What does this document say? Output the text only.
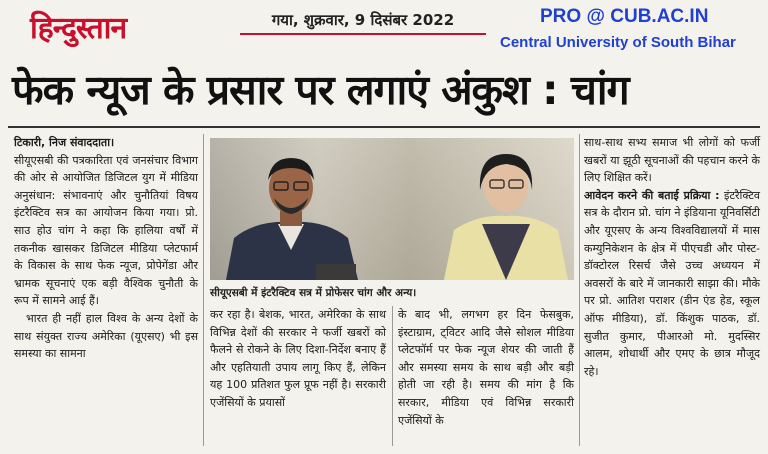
हिन्दुस्तान	गया, शुक्रवार, 9 दिसंबर 2022	PRO @ CUB.AC.IN
Central University of South Bihar
फेक न्यूज के प्रसार पर लगाएं अंकुश : चांग

टिकारी, निज संवाददाता।

सीयूएसबी की पत्रकारिता एवं जनसंचार विभाग की ओर से आयोजित डिजिटल युग में मीडिया अनुसंधान: संभावनाएं और चुनौतियां विषय इंटरैक्टिव सत्र का आयोजन किया गया। प्रो. साउ होउ चांग ने कहा कि हालिया वर्षों में तकनीक खासकर डिजिटल मीडिया प्लेटफार्म के विकास के साथ फेक न्यूज, प्रोपेगेंडा और भ्रामक सूचनाएं एक बड़ी वैश्विक चुनौती के रूप में सामने आई हैं।

भारत ही नहीं हाल विश्व के अन्य देशों के साथ संयुक्त राज्य अमेरिका (यूएसए) भी इस समस्या का सामना

सीयूएसबी में इंटरैक्टिव सत्र में प्रोफेसर चांग और अन्य।

कर रहा है। बेशक, भारत, अमेरिका के साथ विभिन्न देशों की सरकार ने फर्जी खबरों को फैलने से रोकने के लिए दिशा-निर्देश बनाए हैं और एहतियाती उपाय लागू किए हैं, लेकिन यह 100 प्रतिशत फुल प्रूफ नहीं है। सरकारी एजेंसियों के प्रयासों

के बाद भी, लगभग हर दिन फेसबुक, इंस्टाग्राम, ट्विटर आदि जैसे सोशल मीडिया प्लेटफॉर्म पर फेक न्यूज शेयर की जाती हैं और समस्या समय के साथ बड़ी और बड़ी होती जा रही है। समय की मांग है कि सरकार, मीडिया एवं विभिन्न सरकारी एजेंसियों के

साथ-साथ सभ्य समाज भी लोगों को फर्जी खबरों या झूठी सूचनाओं की पहचान करने के लिए शिक्षित करें।

आवेदन करने की बताई प्रक्रिया : इंटरैक्टिव सत्र के दौरान प्रो. चांग ने इंडियाना यूनिवर्सिटी और यूएसए के अन्य विश्वविद्यालयों में मास कम्युनिकेशन के क्षेत्र में पीएचडी और पोस्ट-डॉक्टोरल रिसर्च जैसे उच्च अध्ययन में अवसरों के बारे में जानकारी साझा की। मौके पर प्रो. आतिश पराशर (डीन एंड हेड, स्कूल ऑफ मीडिया), डॉ. किंशुक पाठक, डॉ. सुजीत कुमार, पीआरओ मो. मुदस्सिर आलम, शोधार्थी और एमए के छात्र मौजूद रहे।
